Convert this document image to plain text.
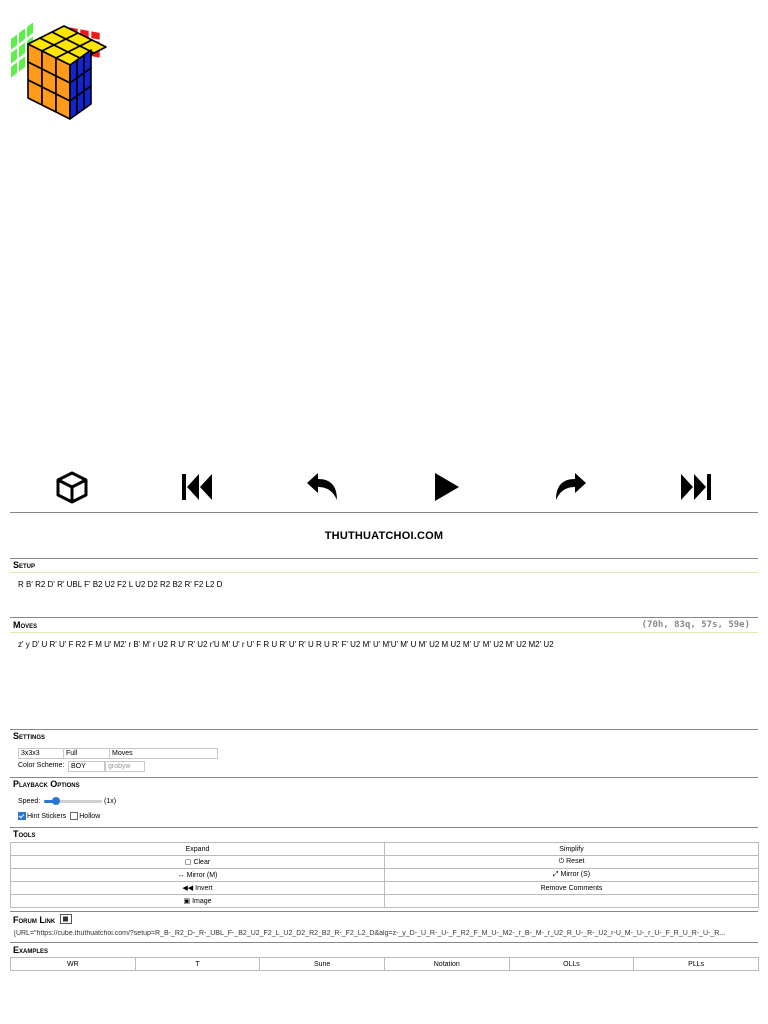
THUTHUATCHOI.COM
Setup
R B' R2 D' R' UBL F' B2 U2 F2 L U2 D2 R2 B2 R' F2 L2 D
Moves	(70h, 83q, 57s, 59e)
z' y D' U R' U' F R2 F M U' M2' r B' M' r U2 R U' R' U2 r'U M' U' r U' F R U R' U' R' U R U R' F' U2 M' U' M'U' M' U M' U2 M U2 M' U' M' U2 M' U2 M2' U2
Settings
3x3x3	Full	Moves
Color Scheme: BOY	grobyw
Playback Options
Speed:	(1x)
Hint Stickers Hollow
Tools
Expand	Simplify
▢ Clear	⏻ Reset
↔ Mirror (M)	⤢ Mirror (S)
◀◀ Invert	Remove Comments
▣ Image	
Forum Link
[URL="https://cube.thuthuatchoi.com/?setup=R_B-_R2_D-_R-_UBL_F-_B2_U2_F2_L_U2_D2_R2_B2_R-_F2_L2_D&alg=z-_y_D-_U_R-_U-_F_R2_F_M_U-_M2-_r_B-_M-_r_U2_R_U-_R-_U2_r-U_M-_U-_r_U-_F_R_U_R-_U-_R...
Examples
WR	T	Sune	Notation	OLLs	PLLs
